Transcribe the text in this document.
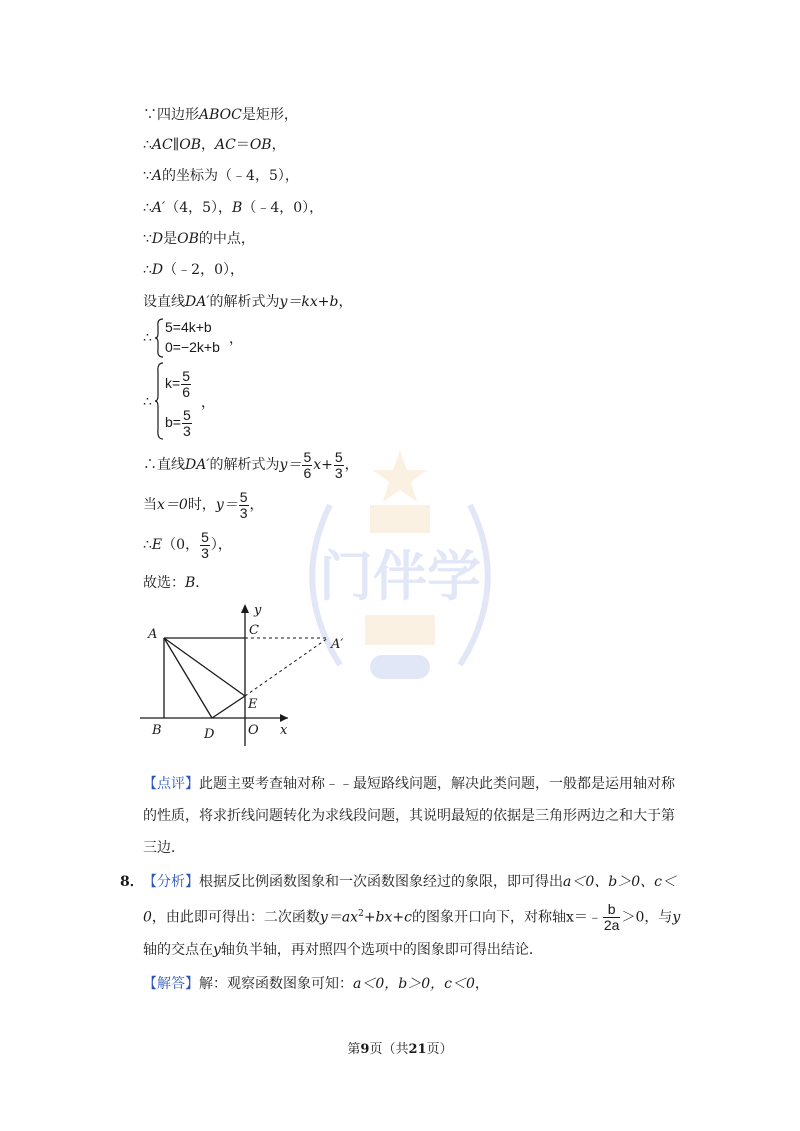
门伴学
∵四边形ABOC是矩形，
∴AC∥OB，AC＝OB，
∵A的坐标为（﹣4，5），
∴A′（4，5），B（﹣4，0），
∵D是OB的中点，
∴D（﹣2，0），
设直线DA′的解析式为y＝kx+b，
∴
5=4k+b
0=−2k+b
，
∴
$k= \frac{5}{6}$
$b= \frac{5}{3}$
，
∴直线DA′的解析式为$y= \frac{5}{6} x+ \frac{5}{3}$ ，
当x＝0时，$y= \frac{5}{3}$ ，
∴E（0， $\frac{5}{3}$ ），
故选：B．
y
x
A	C
A′
E
B	D	O
【点评】此题主要考查轴对称﹣﹣最短路线问题，解决此类问题，一般都是运用轴对称的性质，将求折线问题转化为求线段问题，其说明最短的依据是三角形两边之和大于第三边．
8． 【分析】根据反比例函数图象和一次函数图象经过的象限，即可得出a＜0、b＞0、c＜0，由此即可得出：二次函数$y=ax^2+bx+c$的图象开口向下，对称轴x＝﹣ $\frac{b}{2a} >0$，与y轴的交点在y轴负半轴，再对照四个选项中的图象即可得出结论．
【解答】解：观察函数图象可知：a＜0，b＞0，c＜0，
第9页（共21页）
